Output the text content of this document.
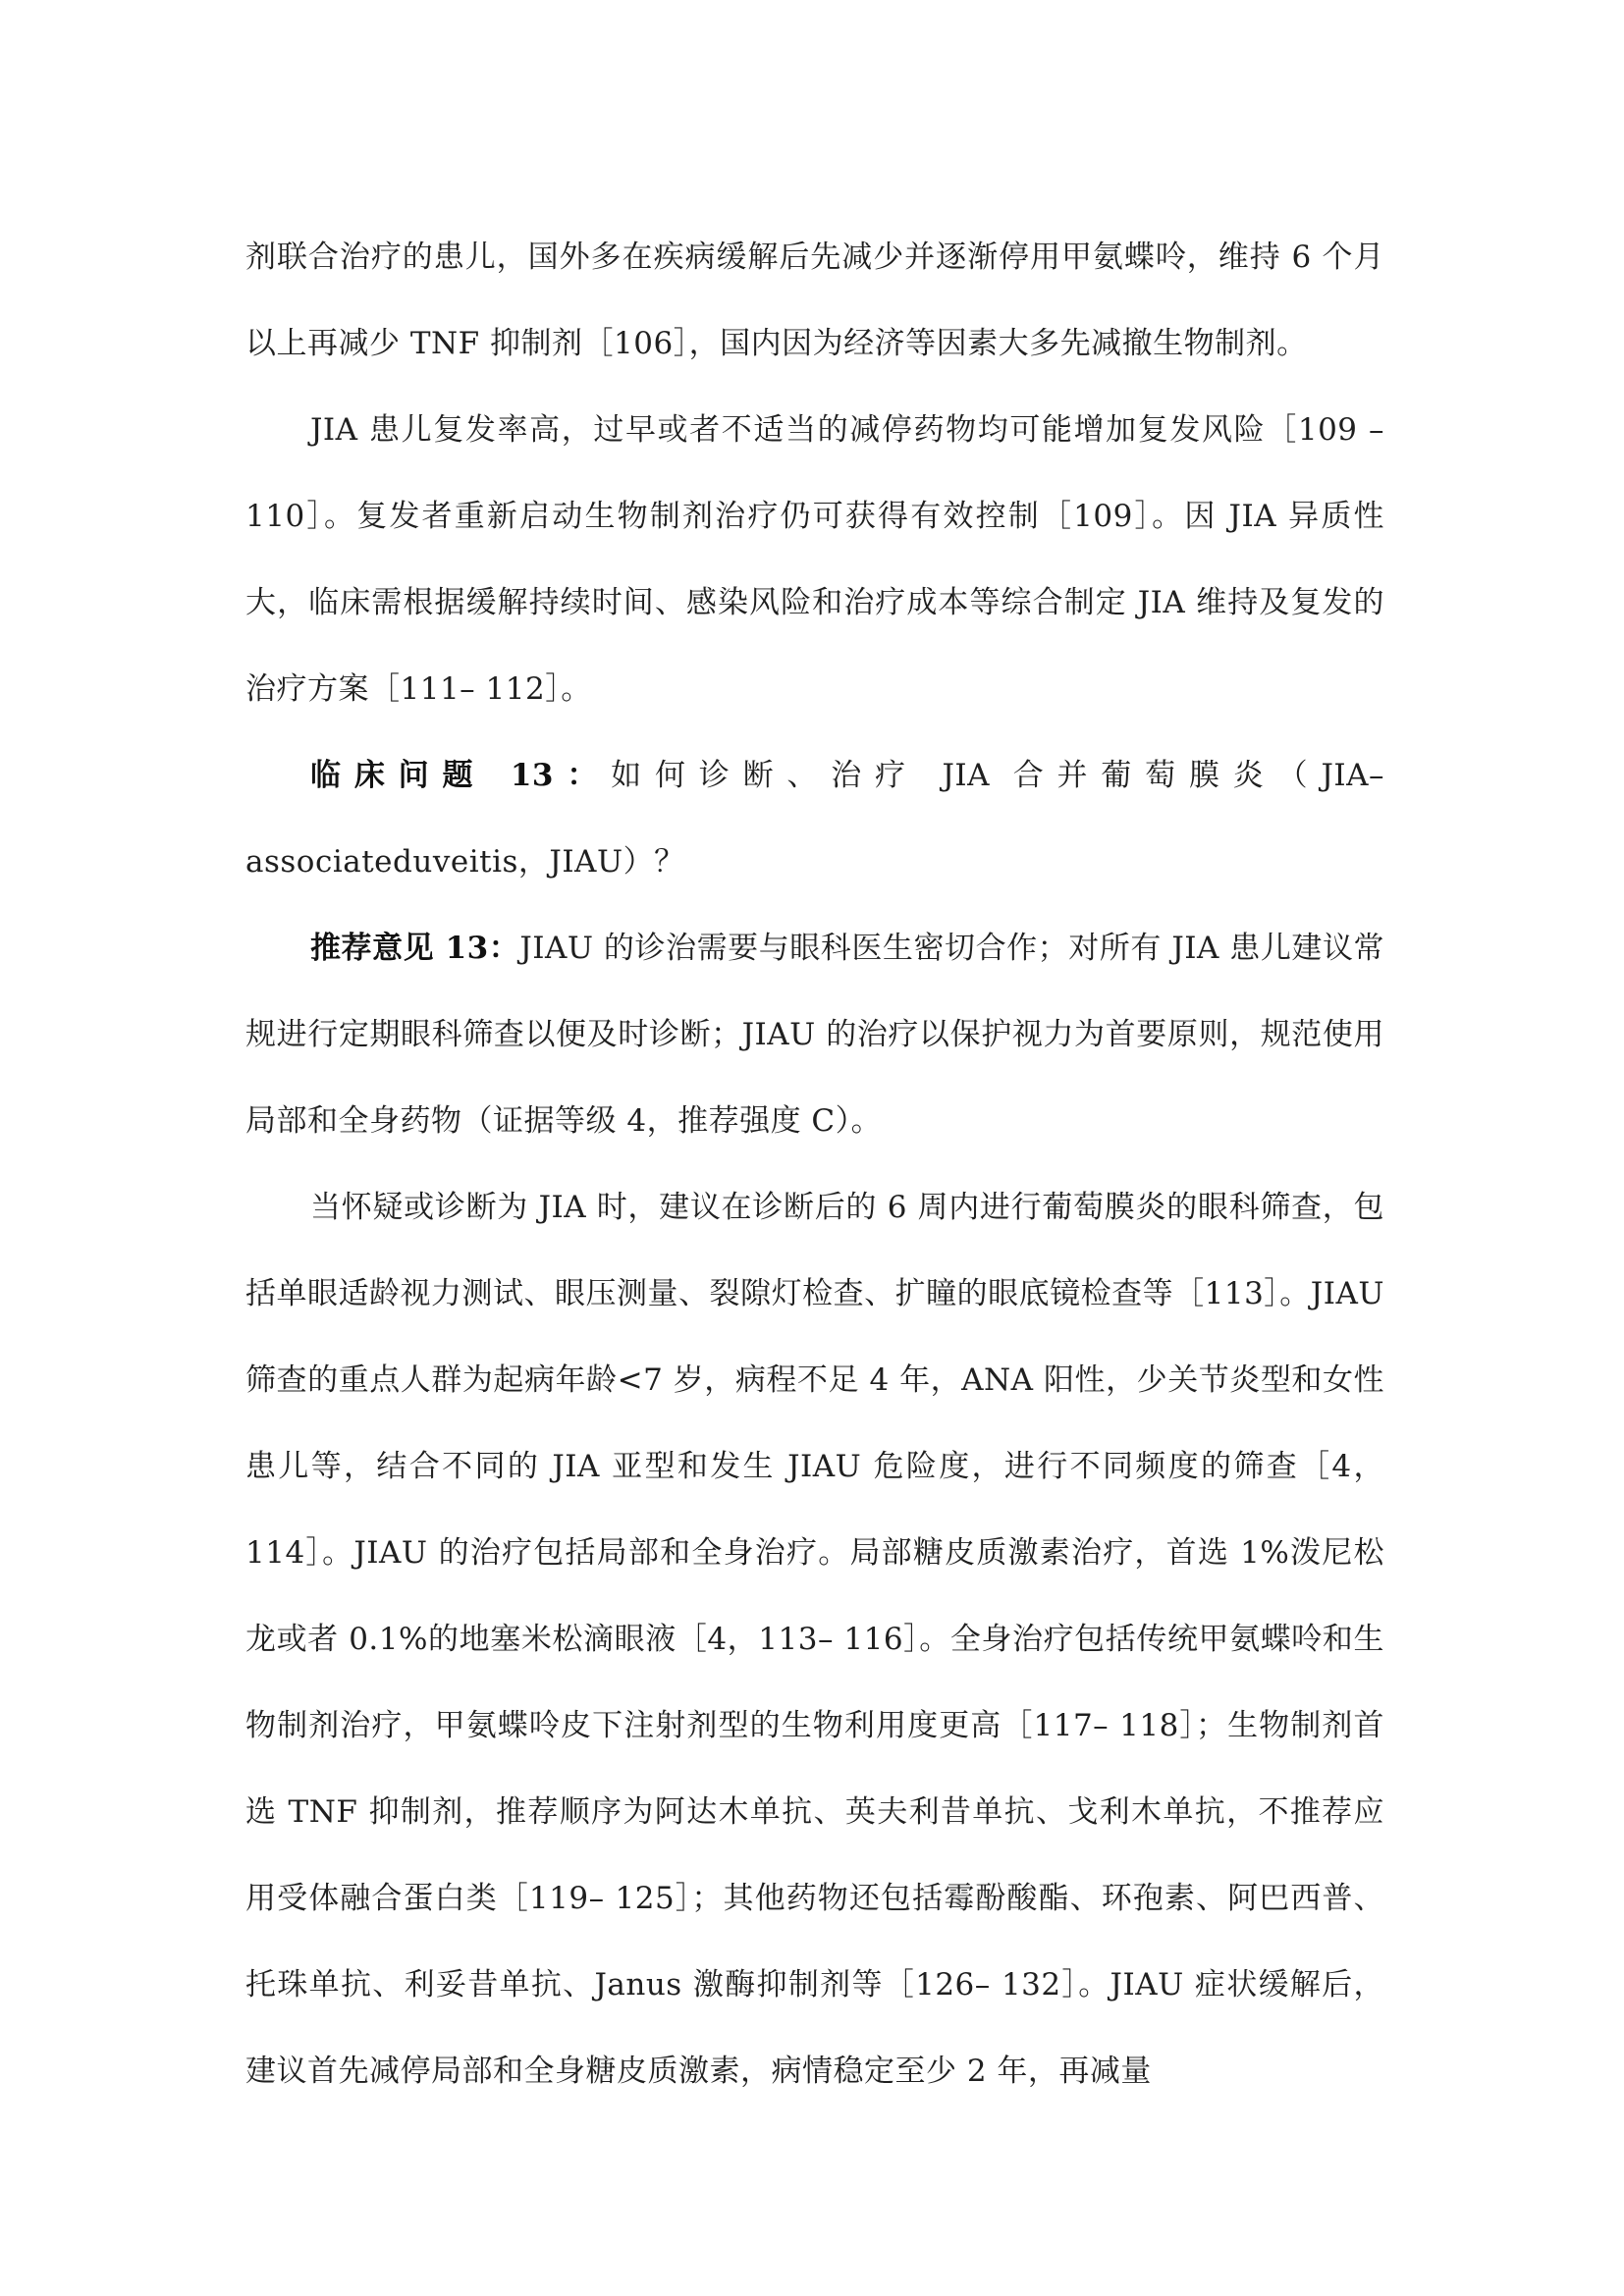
剂联合治疗的患儿，国外多在疾病缓解后先减少并逐渐停用甲氨蝶呤，维持 6 个月以上再减少 TNF 抑制剂［106］，国内因为经济等因素大多先减撤生物制剂。

JIA 患儿复发率高，过早或者不适当的减停药物均可能增加复发风险［109 – 110］。复发者重新启动生物制剂治疗仍可获得有效控制［109］。因 JIA 异质性大，临床需根据缓解持续时间、感染风险和治疗成本等综合制定 JIA 维持及复发的治疗方案［111– 112］。

临床问题 13：如何诊断、治疗 JIA 合并葡萄膜炎（JIA– associateduveitis，JIAU）？

推荐意见 13：JIAU 的诊治需要与眼科医生密切合作；对所有 JIA 患儿建议常规进行定期眼科筛查以便及时诊断；JIAU 的治疗以保护视力为首要原则，规范使用局部和全身药物（证据等级 4，推荐强度 C）。

当怀疑或诊断为 JIA 时，建议在诊断后的 6 周内进行葡萄膜炎的眼科筛查，包括单眼适龄视力测试、眼压测量、裂隙灯检查、扩瞳的眼底镜检查等［113］。JIAU 筛查的重点人群为起病年龄<7 岁，病程不足 4 年，ANA 阳性，少关节炎型和女性患儿等，结合不同的 JIA 亚型和发生 JIAU 危险度，进行不同频度的筛查［4，114］。JIAU 的治疗包括局部和全身治疗。局部糖皮质激素治疗，首选 1%泼尼松龙或者 0.1%的地塞米松滴眼液［4，113– 116］。全身治疗包括传统甲氨蝶呤和生物制剂治疗，甲氨蝶呤皮下注射剂型的生物利用度更高［117– 118］；生物制剂首选 TNF 抑制剂，推荐顺序为阿达木单抗、英夫利昔单抗、戈利木单抗，不推荐应用受体融合蛋白类［119– 125］；其他药物还包括霉酚酸酯、环孢素、阿巴西普、托珠单抗、利妥昔单抗、Janus 激酶抑制剂等［126– 132］。JIAU 症状缓解后，建议首先减停局部和全身糖皮质激素，病情稳定至少 2 年，再减量
